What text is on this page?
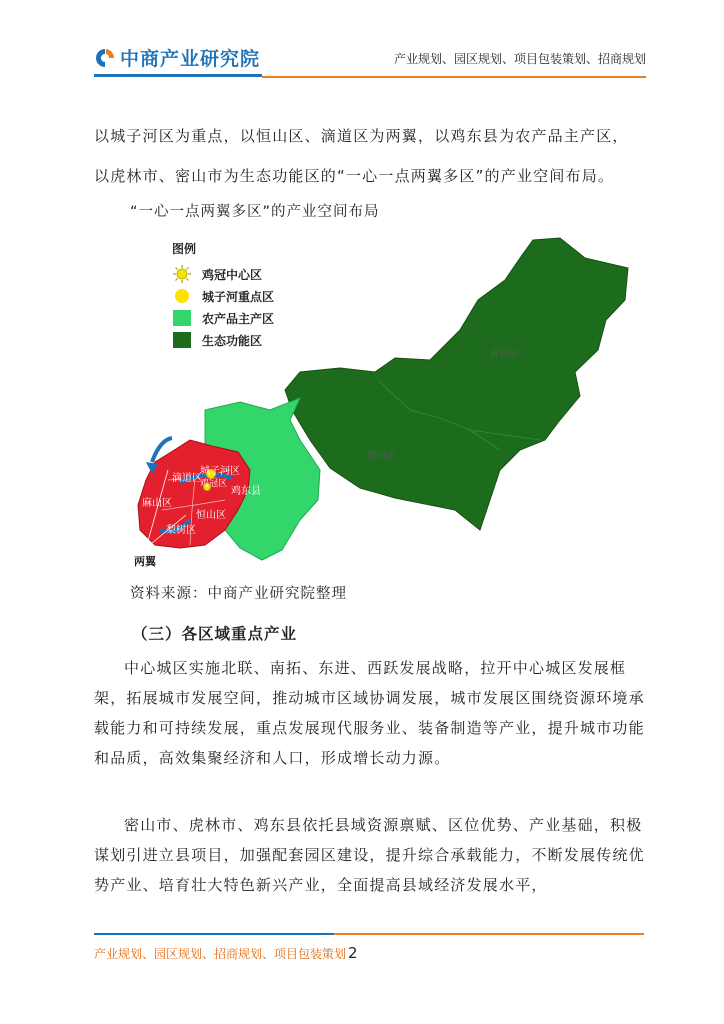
中商产业研究院	产业规划、园区规划、项目包装策划、招商规划

以城子河区为重点，以恒山区、滴道区为两翼，以鸡东县为农产品主产区，

以虎林市、密山市为生态功能区的“一心一点两翼多区”的产业空间布局。

“一心一点两翼多区”的产业空间布局
图例
鸡冠中心区
城子河重点区
农产品主产区
生态功能区
虎林市
密山市
鸡东县
城子河区
滴道区
鸡冠区
麻山区
恒山区
梨树区
两翼
资料来源：中商产业研究院整理
（三）各区域重点产业

中心城区实施北联、南拓、东进、西跃发展战略，拉开中心城区发展框架，拓展城市发展空间，推动城市区域协调发展，城市发展区围绕资源环境承载能力和可持续发展，重点发展现代服务业、装备制造等产业，提升城市功能和品质，高效集聚经济和人口，形成增长动力源。

密山市、虎林市、鸡东县依托县域资源禀赋、区位优势、产业基础，积极谋划引进立县项目，加强配套园区建设，提升综合承载能力，不断发展传统优势产业、培育壮大特色新兴产业，全面提高县域经济发展水平，

产业规划、园区规划、招商规划、项目包装策划 2
